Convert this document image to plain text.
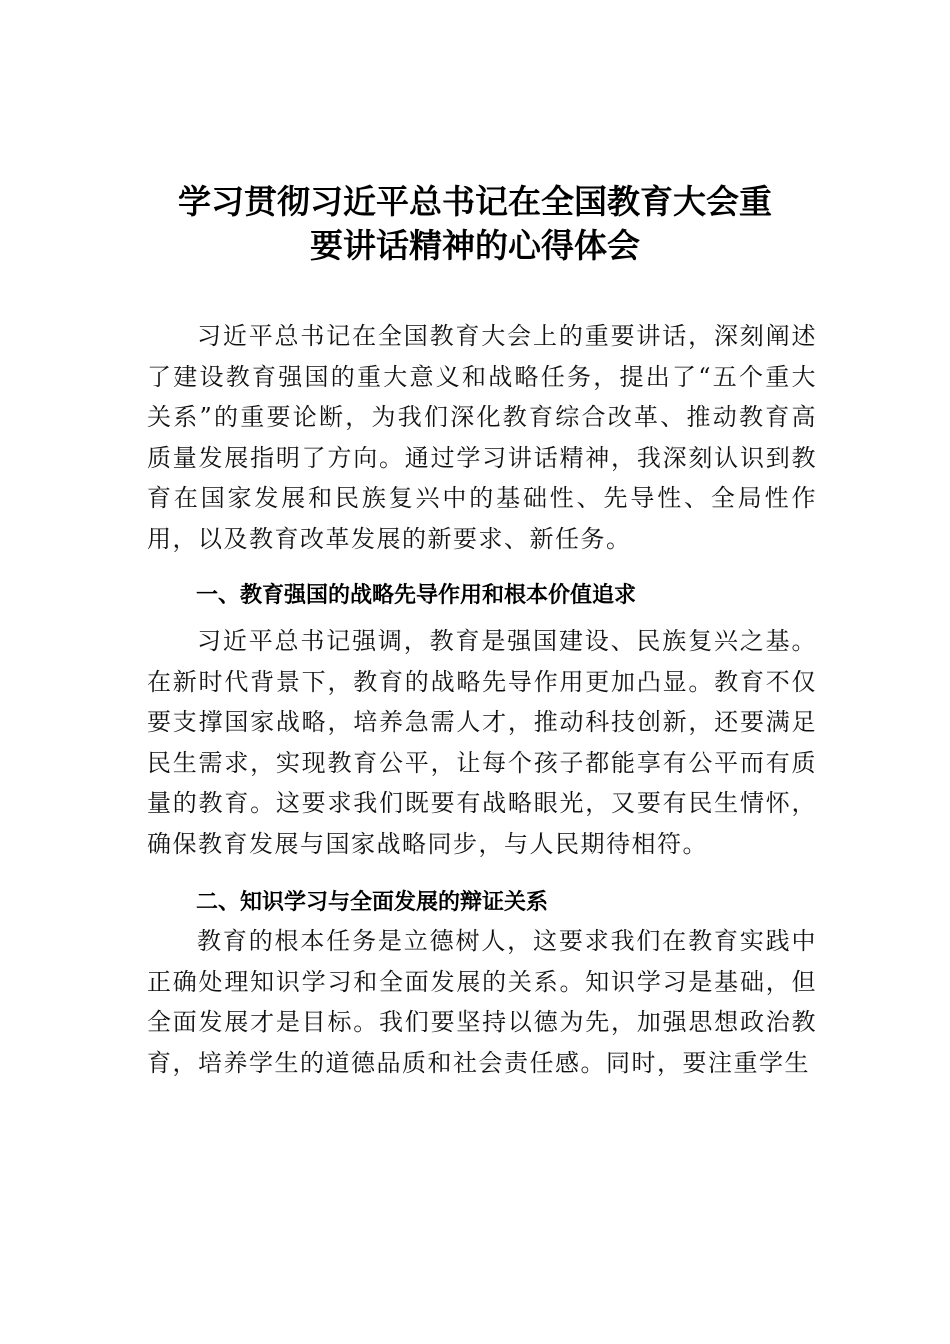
学习贯彻习近平总书记在全国教育大会重
要讲话精神的心得体会

习近平总书记在全国教育大会上的重要讲话，深刻阐述了建设教育强国的重大意义和战略任务，提出了“五个重大关系”的重要论断，为我们深化教育综合改革、推动教育高质量发展指明了方向。通过学习讲话精神，我深刻认识到教育在国家发展和民族复兴中的基础性、先导性、全局性作用，以及教育改革发展的新要求、新任务。

一、教育强国的战略先导作用和根本价值追求

习近平总书记强调，教育是强国建设、民族复兴之基。在新时代背景下，教育的战略先导作用更加凸显。教育不仅要支撑国家战略，培养急需人才，推动科技创新，还要满足民生需求，实现教育公平，让每个孩子都能享有公平而有质量的教育。这要求我们既要有战略眼光，又要有民生情怀，确保教育发展与国家战略同步，与人民期待相符。

二、知识学习与全面发展的辩证关系

教育的根本任务是立德树人，这要求我们在教育实践中正确处理知识学习和全面发展的关系。知识学习是基础，但全面发展才是目标。我们要坚持以德为先，加强思想政治教育，培养学生的道德品质和社会责任感。同时，要注重学生
